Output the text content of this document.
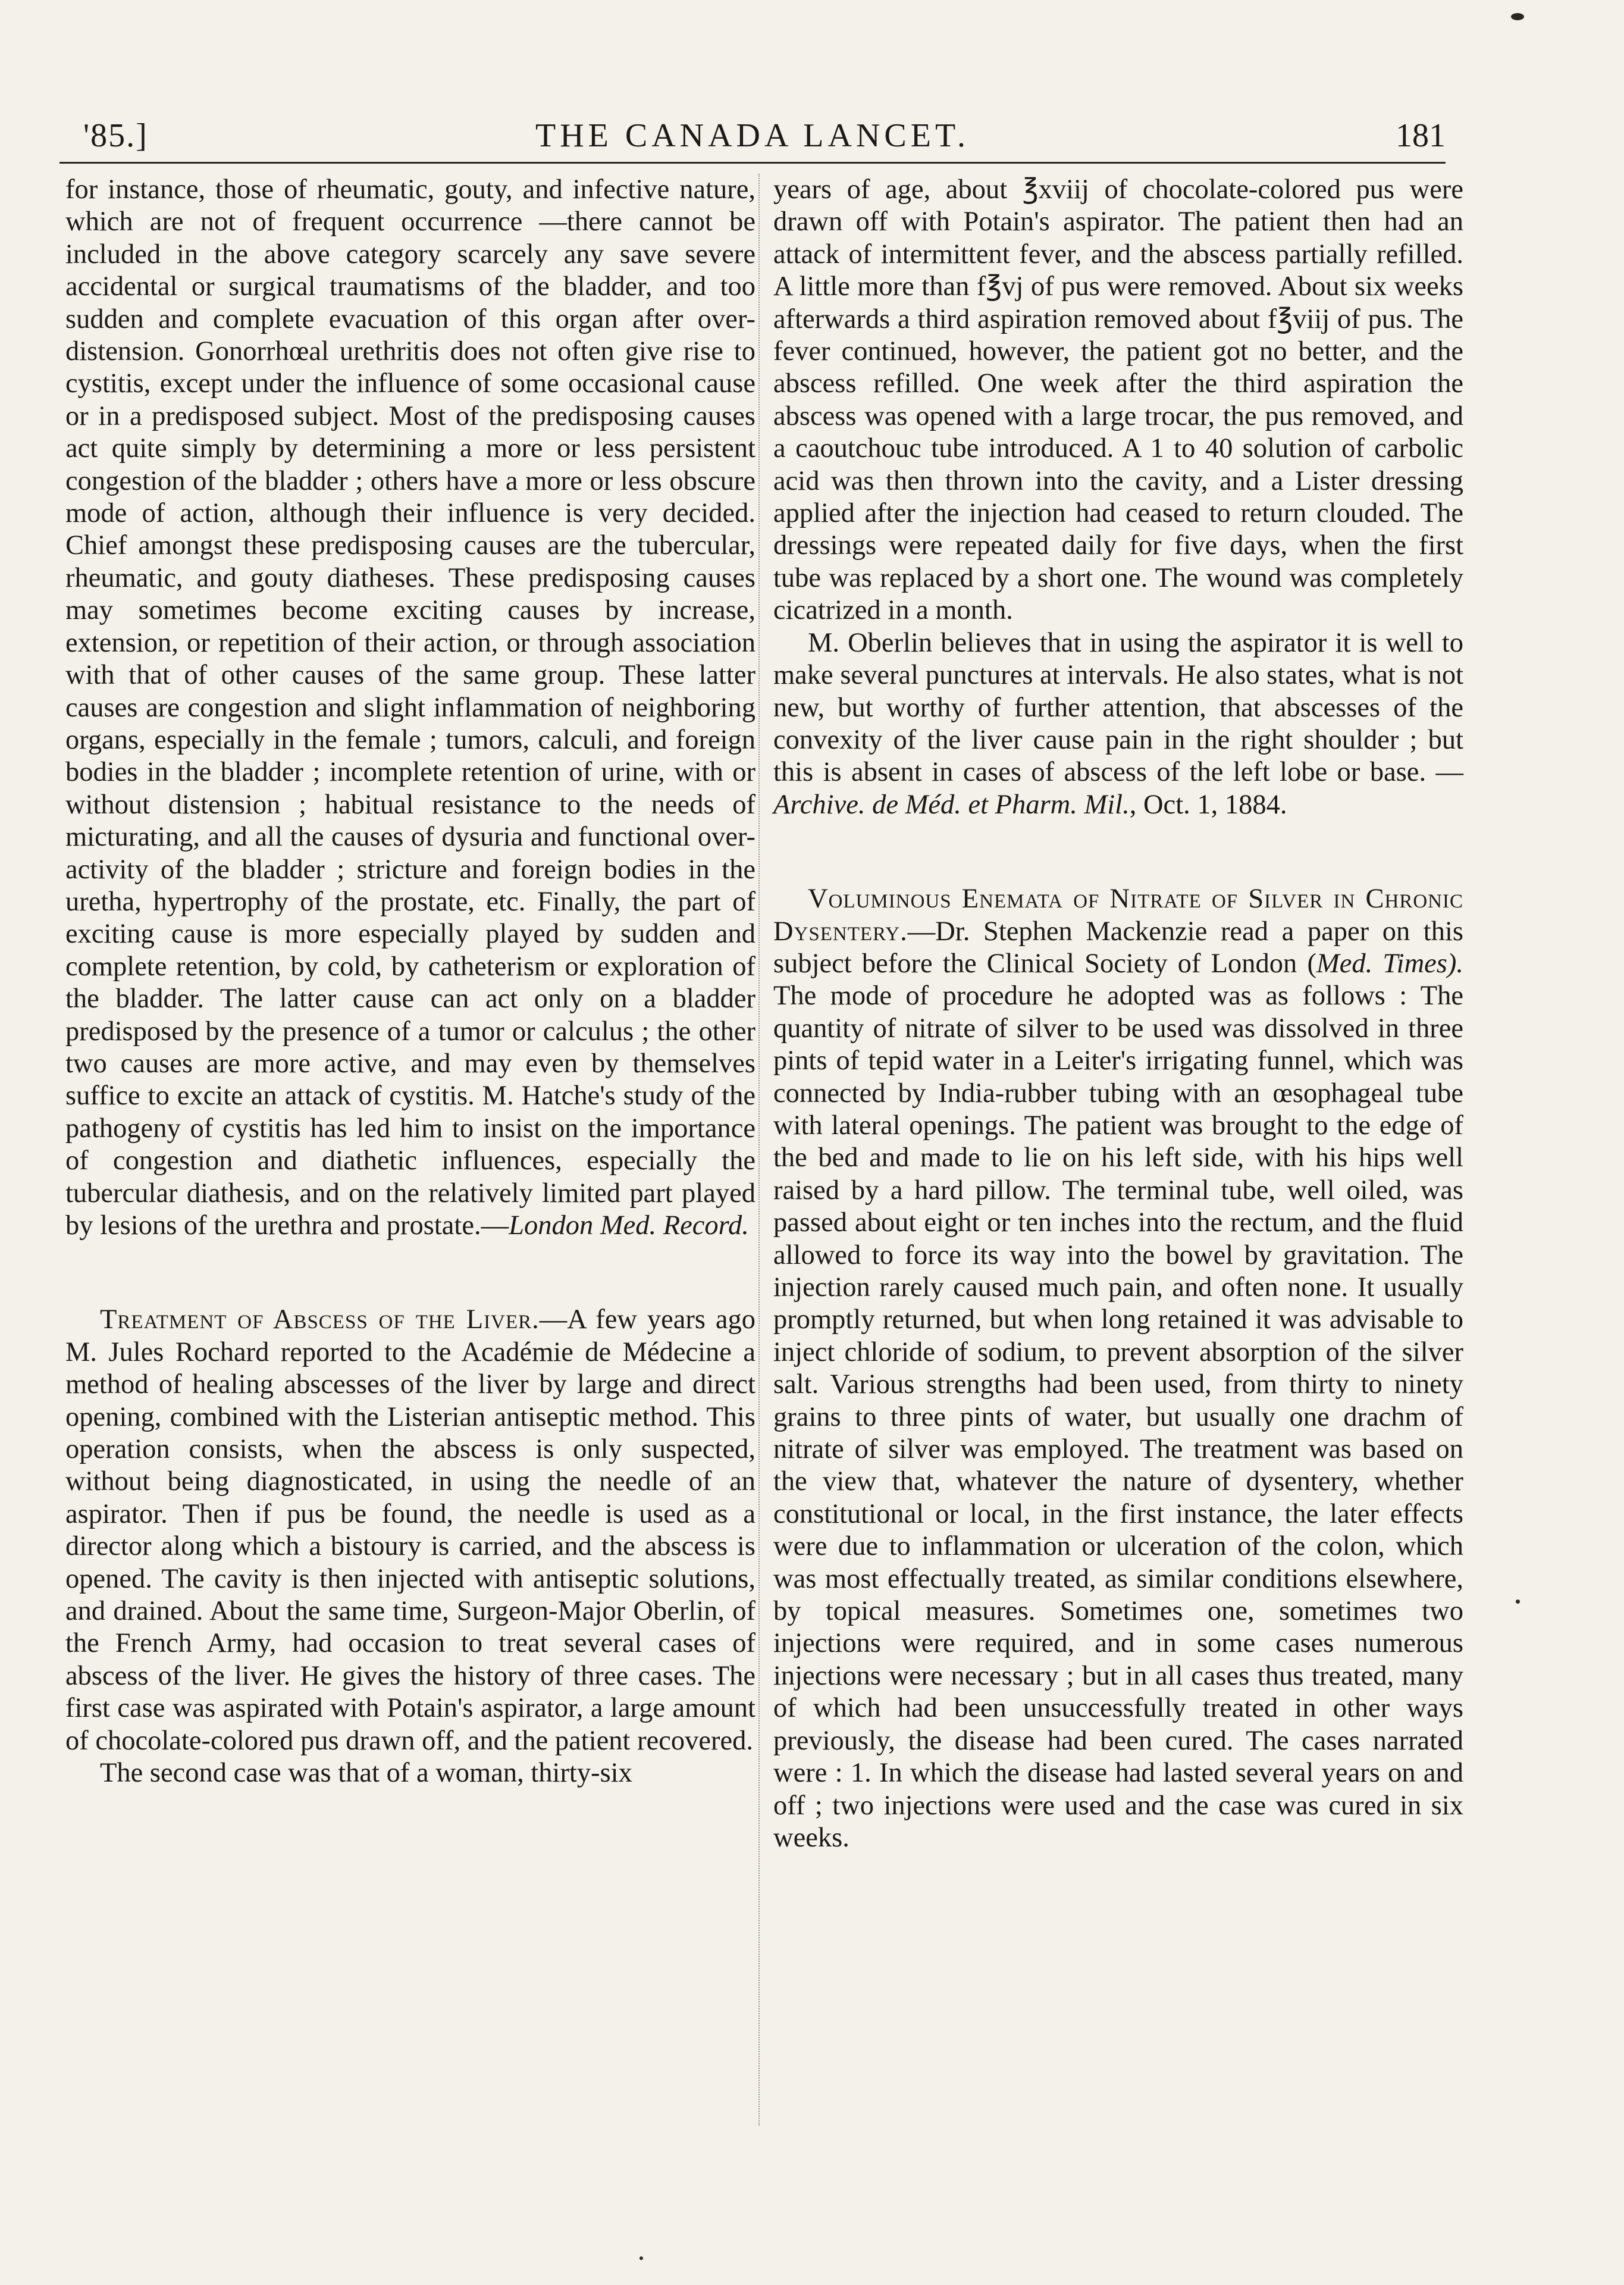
'85.]	THE CANADA LANCET.	181

for instance, those of rheumatic, gouty, and infective nature, which are not of frequent occurrence —there cannot be included in the above category scarcely any save severe accidental or surgical traumatisms of the bladder, and too sudden and complete evacuation of this organ after over-distension. Gonorrhœal urethritis does not often give rise to cystitis, except under the influence of some occasional cause or in a predisposed subject. Most of the predisposing causes act quite simply by determining a more or less persistent congestion of the bladder ; others have a more or less obscure mode of action, although their influence is very decided. Chief amongst these predisposing causes are the tubercular, rheumatic, and gouty diatheses. These predisposing causes may sometimes become exciting causes by increase, extension, or repetition of their action, or through association with that of other causes of the same group. These latter causes are congestion and slight inflammation of neighboring organs, especially in the female ; tumors, calculi, and foreign bodies in the bladder ; incomplete retention of urine, with or without distension ; habitual resistance to the needs of micturating, and all the causes of dysuria and functional over-activity of the bladder ; stricture and foreign bodies in the uretha, hypertrophy of the prostate, etc. Finally, the part of exciting cause is more especially played by sudden and complete retention, by cold, by catheterism or exploration of the bladder. The latter cause can act only on a bladder predisposed by the presence of a tumor or calculus ; the other two causes are more active, and may even by themselves suffice to excite an attack of cystitis. M. Hatche's study of the pathogeny of cystitis has led him to insist on the importance of congestion and diathetic influences, especially the tubercular diathesis, and on the relatively limited part played by lesions of the urethra and prostate.—London Med. Record.

Treatment of Abscess of the Liver.—A few years ago M. Jules Rochard reported to the Académie de Médecine a method of healing abscesses of the liver by large and direct opening, combined with the Listerian antiseptic method. This operation consists, when the abscess is only suspected, without being diagnosticated, in using the needle of an aspirator. Then if pus be found, the needle is used as a director along which a bistoury is carried, and the abscess is opened. The cavity is then injected with antiseptic solutions, and drained. About the same time, Surgeon-Major Oberlin, of the French Army, had occasion to treat several cases of abscess of the liver. He gives the history of three cases. The first case was aspirated with Potain's aspirator, a large amount of chocolate-colored pus drawn off, and the patient recovered.

The second case was that of a woman, thirty-six

years of age, about ℥xviij of chocolate-colored pus were drawn off with Potain's aspirator. The patient then had an attack of intermittent fever, and the abscess partially refilled. A little more than f℥vj of pus were removed. About six weeks afterwards a third aspiration removed about f℥viij of pus. The fever continued, however, the patient got no better, and the abscess refilled. One week after the third aspiration the abscess was opened with a large trocar, the pus removed, and a caoutchouc tube introduced. A 1 to 40 solution of carbolic acid was then thrown into the cavity, and a Lister dressing applied after the injection had ceased to return clouded. The dressings were repeated daily for five days, when the first tube was replaced by a short one. The wound was completely cicatrized in a month.

M. Oberlin believes that in using the aspirator it is well to make several punctures at intervals. He also states, what is not new, but worthy of further attention, that abscesses of the convexity of the liver cause pain in the right shoulder ; but this is absent in cases of abscess of the left lobe or base. —Archive. de Méd. et Pharm. Mil., Oct. 1, 1884.

Voluminous Enemata of Nitrate of Silver in Chronic Dysentery.—Dr. Stephen Mackenzie read a paper on this subject before the Clinical Society of London (Med. Times). The mode of procedure he adopted was as follows : The quantity of nitrate of silver to be used was dissolved in three pints of tepid water in a Leiter's irrigating funnel, which was connected by India-rubber tubing with an œsophageal tube with lateral openings. The patient was brought to the edge of the bed and made to lie on his left side, with his hips well raised by a hard pillow. The terminal tube, well oiled, was passed about eight or ten inches into the rectum, and the fluid allowed to force its way into the bowel by gravitation. The injection rarely caused much pain, and often none. It usually promptly returned, but when long retained it was advisable to inject chloride of sodium, to prevent absorption of the silver salt. Various strengths had been used, from thirty to ninety grains to three pints of water, but usually one drachm of nitrate of silver was employed. The treatment was based on the view that, whatever the nature of dysentery, whether constitutional or local, in the first instance, the later effects were due to inflammation or ulceration of the colon, which was most effectually treated, as similar conditions elsewhere, by topical measures. Sometimes one, sometimes two injections were required, and in some cases numerous injections were necessary ; but in all cases thus treated, many of which had been unsuccessfully treated in other ways previously, the disease had been cured. The cases narrated were : 1. In which the disease had lasted several years on and off ; two injections were used and the case was cured in six weeks.
